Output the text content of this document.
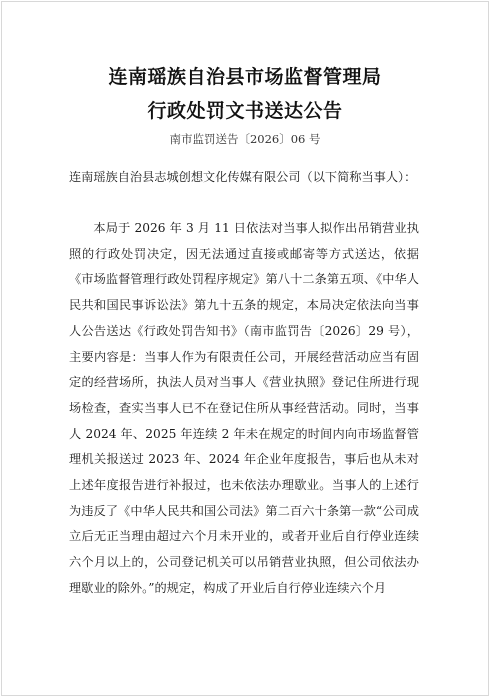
连南瑶族自治县市场监督管理局
行政处罚文书送达公告
南市监罚送告〔2026〕06 号

连南瑶族自治县志城创想文化传媒有限公司（以下简称当事人）：

本局于 2026 年 3 月 11 日依法对当事人拟作出吊销营业执照的行政处罚决定，因无法通过直接或邮寄等方式送达，依据《市场监督管理行政处罚程序规定》第八十二条第五项、《中华人民共和国民事诉讼法》第九十五条的规定，本局决定依法向当事人公告送达《行政处罚告知书》（南市监罚告〔2026〕29 号），主要内容是：当事人作为有限责任公司，开展经营活动应当有固定的经营场所，执法人员对当事人《营业执照》登记住所进行现场检查，查实当事人已不在登记住所从事经营活动。同时，当事人 2024 年、2025 年连续 2 年未在规定的时间内向市场监督管理机关报送过 2023 年、2024 年企业年度报告，事后也从未对上述年度报告进行补报过，也未依法办理歇业。当事人的上述行为违反了《中华人民共和国公司法》第二百六十条第一款“公司成立后无正当理由超过六个月未开业的，或者开业后自行停业连续六个月以上的，公司登记机关可以吊销营业执照，但公司依法办理歇业的除外。”的规定，构成了开业后自行停业连续六个月
